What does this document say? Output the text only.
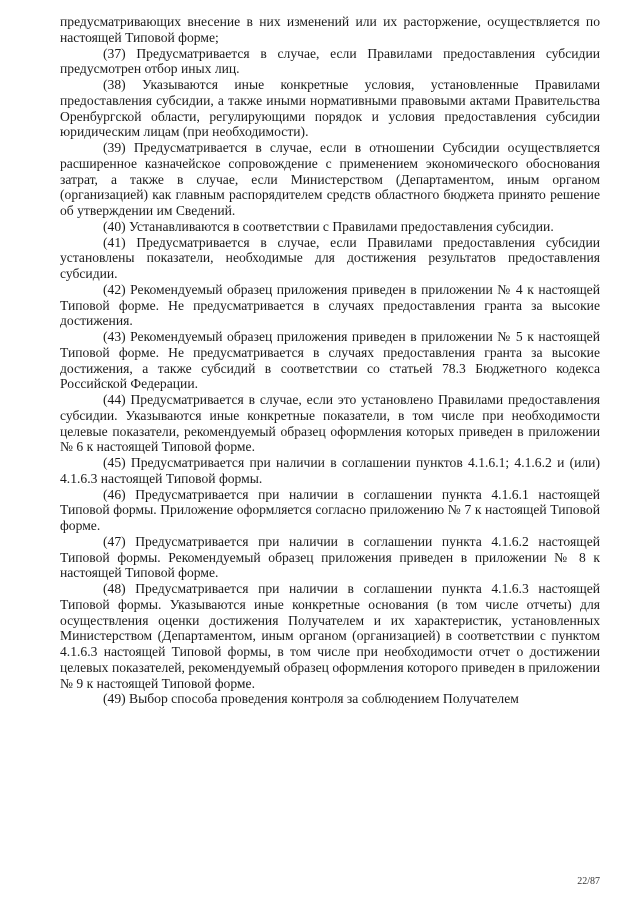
предусматривающих внесение в них изменений или их расторжение, осуществляется по настоящей Типовой форме;

(37) Предусматривается в случае, если Правилами предоставления субсидии предусмотрен отбор иных лиц.

(38) Указываются иные конкретные условия, установленные Правилами предоставления субсидии, а также иными нормативными правовыми актами Правительства Оренбургской области, регулирующими порядок и условия предоставления субсидии юридическим лицам (при необходимости).

(39) Предусматривается в случае, если в отношении Субсидии осуществляется расширенное казначейское сопровождение с применением экономического обоснования затрат, а также в случае, если Министерством (Департаментом, иным органом (организацией) как главным распорядителем средств областного бюджета принято решение об утверждении им Сведений.

(40) Устанавливаются в соответствии с Правилами предоставления субсидии.

(41) Предусматривается в случае, если Правилами предоставления субсидии установлены показатели, необходимые для достижения результатов предоставления субсидии.

(42) Рекомендуемый образец приложения приведен в приложении № 4 к настоящей Типовой форме. Не предусматривается в случаях предоставления гранта за высокие достижения.

(43) Рекомендуемый образец приложения приведен в приложении № 5 к настоящей Типовой форме. Не предусматривается в случаях предоставления гранта за высокие достижения, а также субсидий в соответствии со статьей 78.3 Бюджетного кодекса Российской Федерации.

(44) Предусматривается в случае, если это установлено Правилами предоставления субсидии. Указываются иные конкретные показатели, в том числе при необходимости целевые показатели, рекомендуемый образец оформления которых приведен в приложении № 6 к настоящей Типовой форме.

(45) Предусматривается при наличии в соглашении пунктов 4.1.6.1; 4.1.6.2 и (или) 4.1.6.3 настоящей Типовой формы.

(46) Предусматривается при наличии в соглашении пункта 4.1.6.1 настоящей Типовой формы. Приложение оформляется согласно приложению № 7 к настоящей Типовой форме.

(47) Предусматривается при наличии в соглашении пункта 4.1.6.2 настоящей Типовой формы. Рекомендуемый образец приложения приведен в приложении № 8 к настоящей Типовой форме.

(48) Предусматривается при наличии в соглашении пункта 4.1.6.3 настоящей Типовой формы. Указываются иные конкретные основания (в том числе отчеты) для осуществления оценки достижения Получателем и их характеристик, установленных Министерством (Департаментом, иным органом (организацией) в соответствии с пунктом 4.1.6.3 настоящей Типовой формы, в том числе при необходимости отчет о достижении целевых показателей, рекомендуемый образец оформления которого приведен в приложении № 9 к настоящей Типовой форме.

(49) Выбор способа проведения контроля за соблюдением Получателем

22/87
